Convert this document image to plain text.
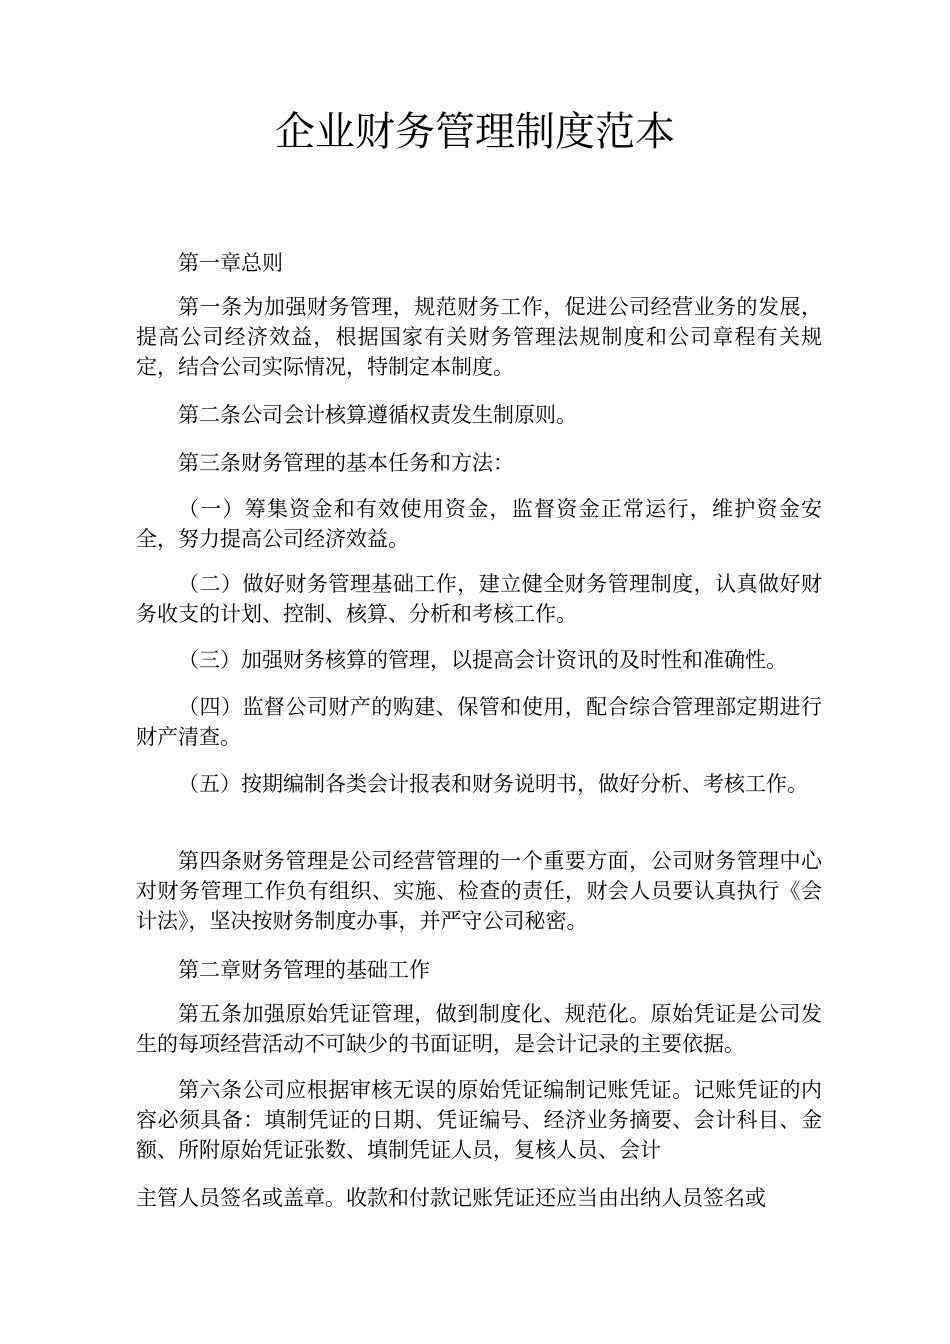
企业财务管理制度范本

第一章总则

第一条为加强财务管理，规范财务工作，促进公司经营业务的发展，提高公司经济效益，根据国家有关财务管理法规制度和公司章程有关规定，结合公司实际情况，特制定本制度。

第二条公司会计核算遵循权责发生制原则。

第三条财务管理的基本任务和方法：

（一）筹集资金和有效使用资金，监督资金正常运行，维护资金安全，努力提高公司经济效益。

（二）做好财务管理基础工作，建立健全财务管理制度，认真做好财务收支的计划、控制、核算、分析和考核工作。

（三）加强财务核算的管理，以提高会计资讯的及时性和准确性。

（四）监督公司财产的购建、保管和使用，配合综合管理部定期进行财产清查。

（五）按期编制各类会计报表和财务说明书，做好分析、考核工作。

第四条财务管理是公司经营管理的一个重要方面，公司财务管理中心对财务管理工作负有组织、实施、检查的责任，财会人员要认真执行《会计法》，坚决按财务制度办事，并严守公司秘密。

第二章财务管理的基础工作

第五条加强原始凭证管理，做到制度化、规范化。原始凭证是公司发生的每项经营活动不可缺少的书面证明，是会计记录的主要依据。

第六条公司应根据审核无误的原始凭证编制记账凭证。记账凭证的内容必须具备：填制凭证的日期、凭证编号、经济业务摘要、会计科目、金额、所附原始凭证张数、填制凭证人员，复核人员、会计

主管人员签名或盖章。收款和付款记账凭证还应当由出纳人员签名或
